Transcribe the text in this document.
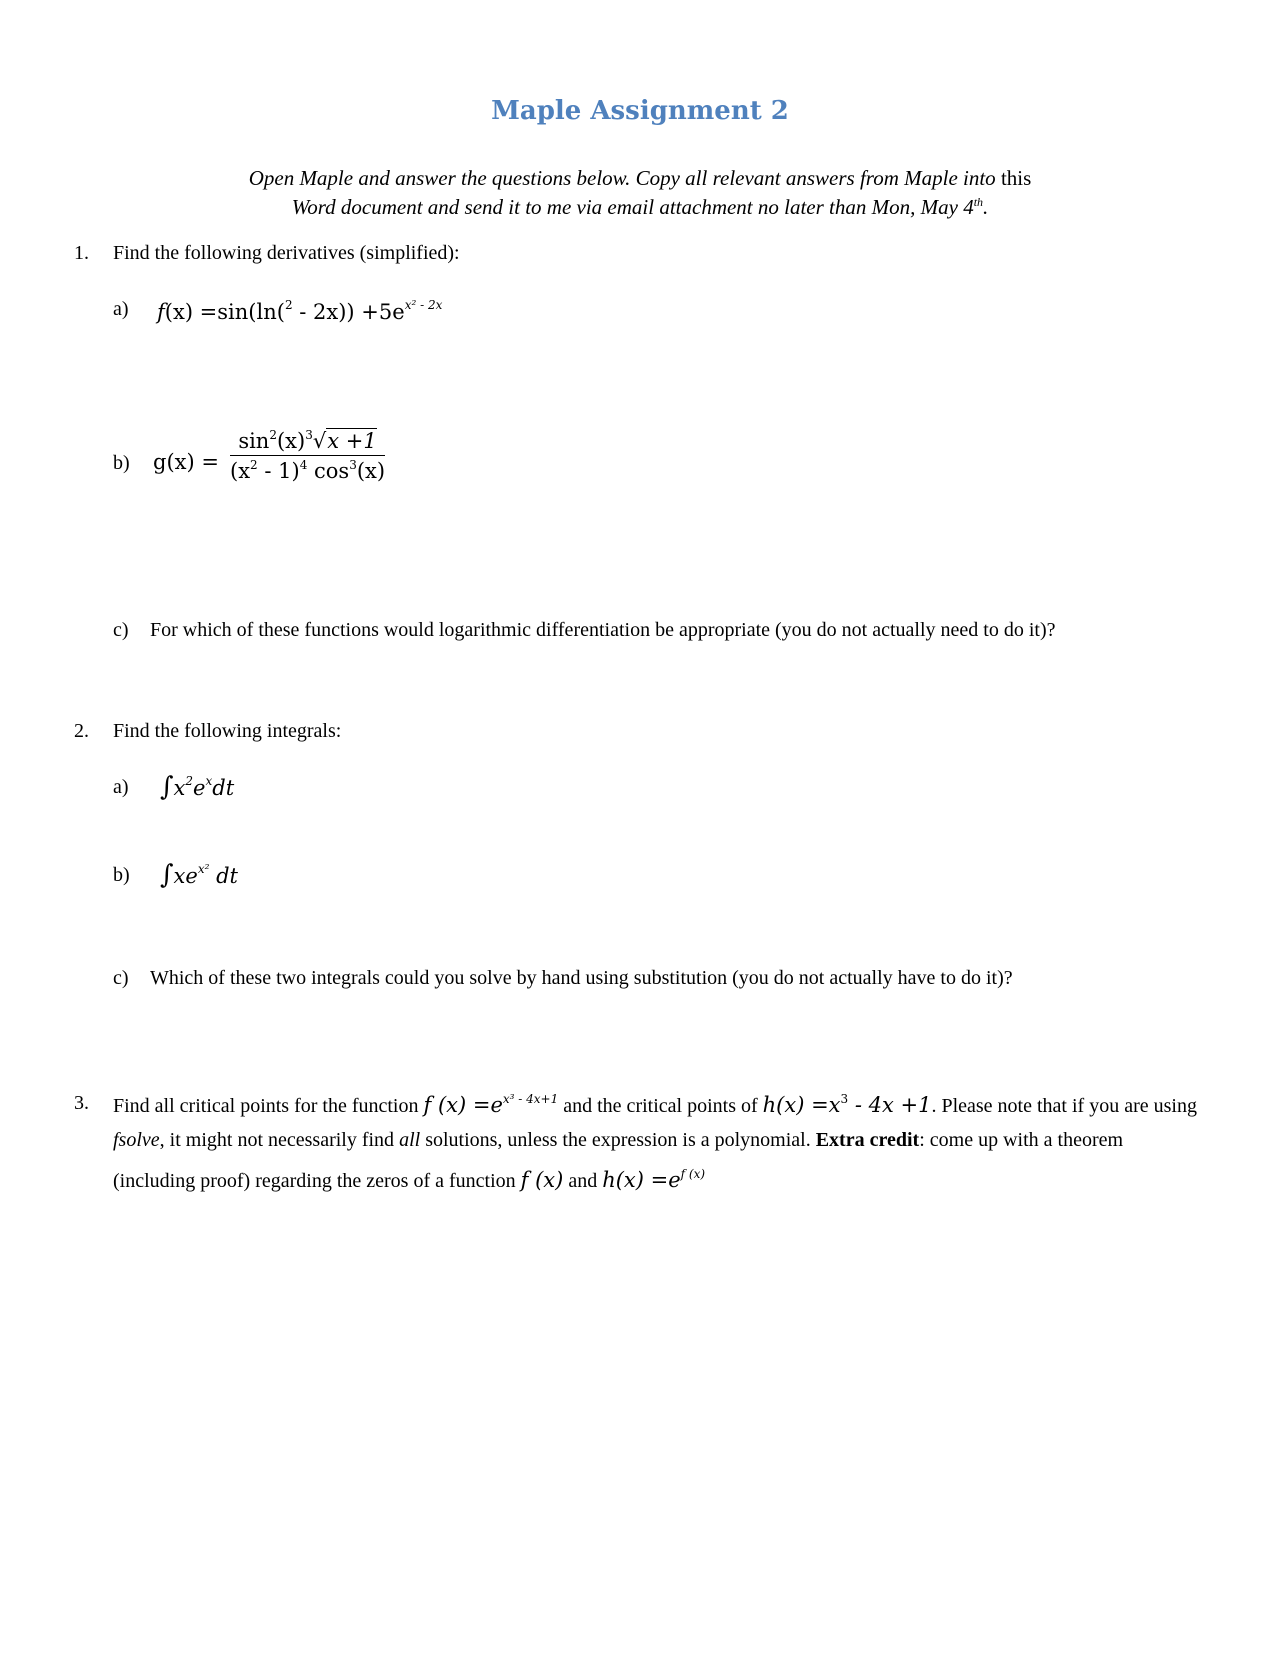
Maple Assignment 2
Open Maple and answer the questions below. Copy all relevant answers from Maple into this
Word document and send it to me via email attachment no later than Mon, May 4th.
1. Find the following derivatives (simplified):
a) $f(x) =\sin(\ln(^2 - 2x)) +5e^{x^2 - 2x}$
b) $g(x) = \frac{\sin^2(x)^3√x +1}{(x^2 - 1)^4 \cos^3(x)}$
c) For which of these functions would logarithmic differentiation be appropriate (you do not actually need to do it)?
2. Find the following integrals:
a) $\int x^2e^xdt$
b) $\int xe^{x^2}$ dt
c) Which of these two integrals could you solve by hand using substitution (you do not actually have to do it)?
3. Find all critical points for the function f $(x) =e^{x^3 - 4x+1}$ and the critical points of $h(x) =x^3 - 4x +1$. Please note that if you are using fsolve, it might not necessarily find all solutions, unless the expression is a polynomial. Extra credit: come up with a theorem (including proof) regarding the zeros of a function f (x) and $h(x) =e^{f (x)}$
